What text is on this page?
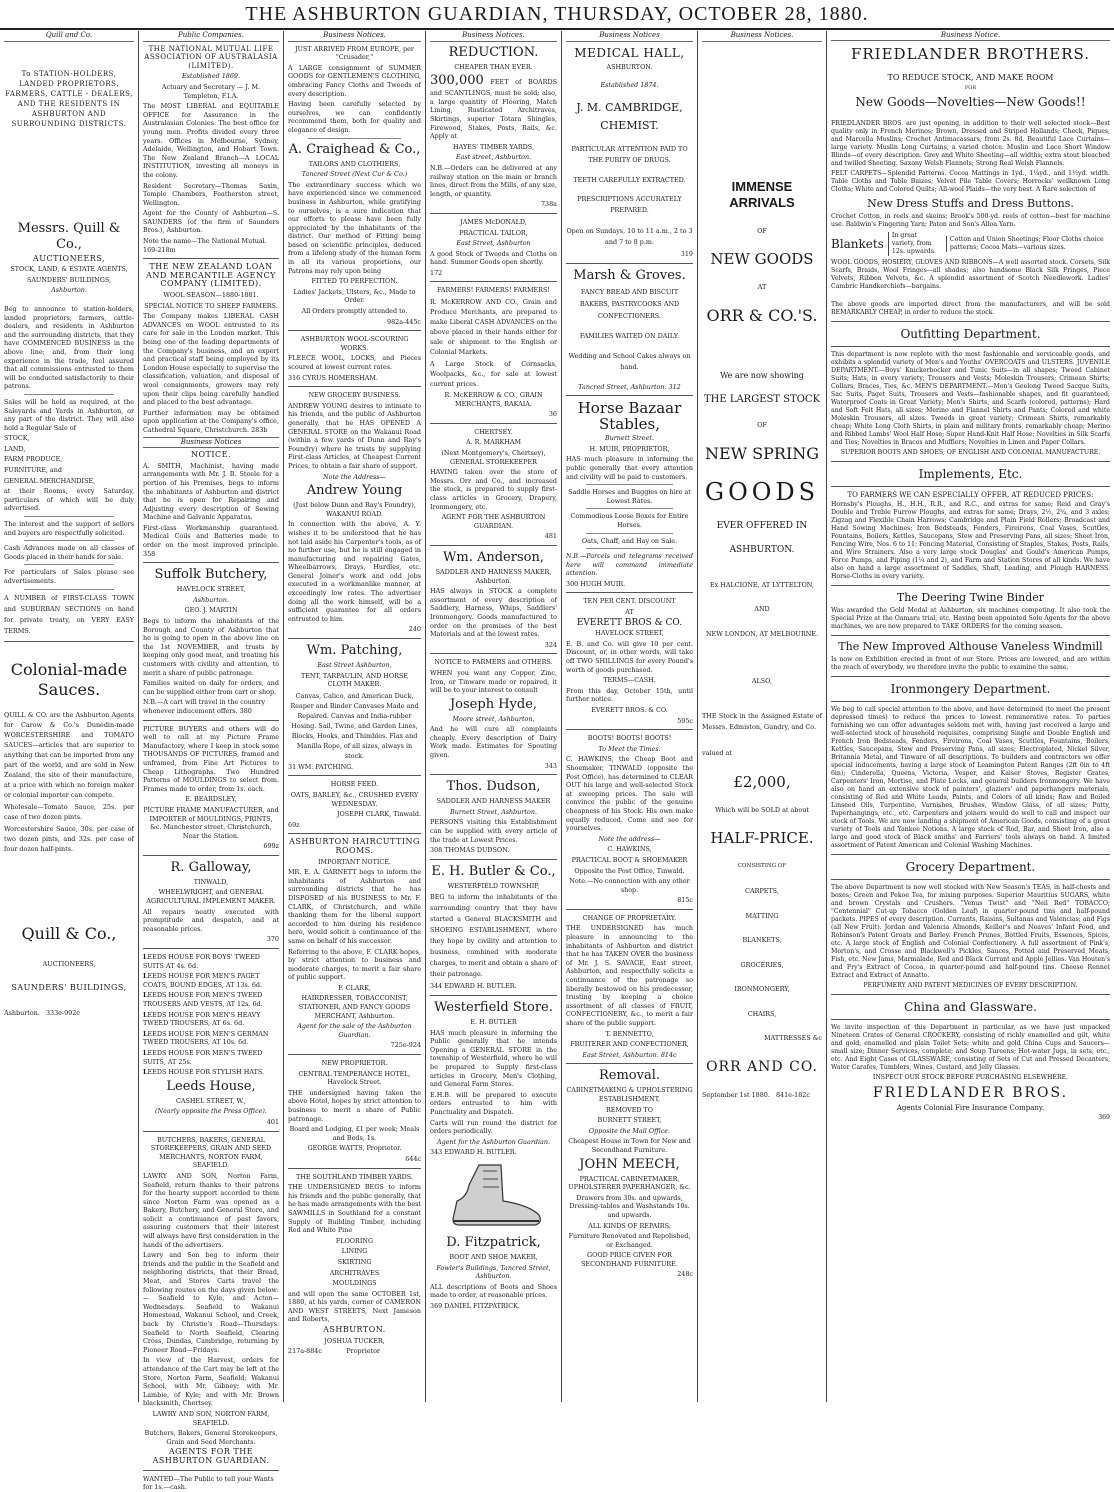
THE ASHBURTON GUARDIAN, THURSDAY, OCTOBER 28, 1880.
Quill and Co.

To STATION-HOLDERS, LANDED PROPRIETORS, FARMERS, CATTLE - DEALERS, AND THE RESIDENTS IN ASHBURTON AND SURROUNDING DISTRICTS.

Messrs. Quill & Co.,

AUCTIONEERS,

STOCK, LAND, & ESTATE AGENTS,

SAUNDERS' BUILDINGS,

Ashburton.

Beg to announce to station-holders, landed proprietors, farmers, cattle-dealers, and residents in Ashburton and the surrounding districts, that they have COMMENCED BUSINESS in the above line; and, from their long experience in the trade, feel assured that all commissions entrusted to them will be conducted satisfactorily to their patrons.

Sales will be held as required, at the Saleyards and Yards in Ashburton, or any part of the district. They will also hold a Regular Sale of

STOCK,

LAND,

FARM PRODUCE,

FURNITURE, and

GENERAL MERCHANDISE,

at their Rooms, every Saturday, particulars of which will be duly advertised.

The interest and the support of sellers and buyers are respectfully solicited.

Cash Advances made on all classes of Goods placed in their hands for sale.

For particulars of Sales please see advertisements.

A NUMBER of FIRST-CLASS TOWN and SUBURBAN SECTIONS on hand for private treaty, on VERY EASY TERMS.

Colonial-made Sauces.

QUILL & CO. are the Ashburton Agents for Carow & Co.'s Dunedin-made WORCESTERSHIRE and TOMATO SAUCES—articles that are superior to anything that can be imported from any part of the world, and are sold in New Zealand, the site of their manufacture, at a price with which no foreign maker or colonial importer can compete.

Wholesale—Tomato Sauce, 25s. per case of two dozen pints.

Worcestershire Sauce, 30s. per case of two dozen pints, and 32s. per case of four dozen half-pints.

Quill & Co.,

AUCTIONEERS,

SAUNDERS' BUILDINGS,

Ashburton. 333e-992c

Public Companies.

THE NATIONAL MUTUAL LIFE ASSOCIATION OF AUSTRALASIA (LIMITED).

Established 1869.

Actuary and Secretary — J. M. Templeton, F.I.A.

The MOST LIBERAL and EQUITABLE OFFICE for Assurance in the Australasian Colonies. The best office for young men. Profits divided every three years. Offices in Melbourne, Sydney, Adelaide, Wellington, and Hobart Town. The New Zealand Branch—A LOCAL INSTITUTION, investing all moneys in the colony.

Resident Secretary—Thomas Saxin, Temple Chambers, Featherston street, Wellington.

Agent for the County of Ashburton—S. SAUNDERS (of the firm of Saunders Bros.), Ashburton.

Note the name—The National Mutual. 169-218m

THE NEW ZEALAND LOAN AND MERCANTILE AGENCY COMPANY (LIMITED).

WOOL SEASON—1880-1881.

SPECIAL NOTICE TO SHEEP FARMERS.

The Company makes LIBERAL CASH ADVANCES on WOOL entrusted to its care for sale in the London market. This being one of the leading departments of the Company's business, and an expert and practical staff being employed by its London House especially to supervise the classification, valuation, and disposal of wool consignments, growers may rely upon their clips being carefully handled and placed to the best advantage.

Further information may be obtained upon application at the Company's office, Cathedral Square, Christchurch. 283b

Business Notices

NOTICE.

A. SMITH, Machinist, having made arrangements with Mr. J. B. Steele for a portion of his Premises, begs to inform the inhabitants of Ashburton and district that he is open for Repairing and Adjusting every description of Sewing Machine and Galvanic Apparatus.

First-class Workmanship guaranteed. Medical Coils and Batteries made to order on the most improved principle. 358

Suffolk Butchery,

HAVELOCK STREET,

Ashburton.

GEO. J. MARTIN

Begs to inform the inhabitants of the Borough and County of Ashburton that he is going to open in the above line on the 1st NOVEMBER, and trusts by keeping only good meat, and treating his customers with civility and attention, to merit a share of public patronage.

Families waited on daily for orders, and can be supplied either from cart or shop.

N.B.—A cart will travel in the country whenever inducement offers. 380

PICTURE BUYERS and others will do well to call at my Picture Frame Manufactory, where I keep in stock some THOUSANDS OF PICTURES, framed and unframed, from Fine Art Pictures to Cheap Lithographs. Two Hundred Patterns of MOULDINGS to select from. Frames made to order, from 1s. each.

E. BEARDSLEY,

PICTURE FRAME MANUFACTURER, and IMPORTER of MOULDINGS, PRINTS, &c. Manchester street, Christchurch, Near the Station.

699z

R. Galloway,

TINWALD,

WHEELWRIGHT, and GENERAL AGRICULTURAL IMPLEMENT MAKER.

All repairs neatly executed with promptitude and despatch, and at reasonable prices.

370

LEEDS HOUSE FOR BOYS' TWEED SUITS AT 4s. 6d.

LEEDS HOUSE FOR MEN'S PAGET COATS, BOUND EDGES, AT 13s. 6d.

LEEDS HOUSE FOR MEN'S TWEED TROUSERS AND VESTS, AT 12s. 6d.

LEEDS HOUSE FOR MEN'S HEAVY TWEED TROUSERS, AT 6s. 6d.

LEEDS HOUSE FOR MEN'S GERMAN TWEED TROUSERS, AT 10s. 6d.

LEEDS HOUSE FOR MEN'S TWEED SUITS, AT 25s.

LEEDS HOUSE FOR STYLISH HATS.

Leeds House,

CASHEL STREET, W.,

(Nearly opposite the Press Office).

401

BUTCHERS, BAKERS, GENERAL STOREKEEPERS, GRAIN AND SEED MERCHANTS, NORTON FARM, SEAFIELD.

LAWRY AND SON, Norton Farm, Seafield, return thanks to their patrons for the hearty support accorded to them since Norton Farm was opened as a Bakery, Butchery, and General Store, and solicit a continuance of past favors, assuring customers that their interest will always have first consideration in the hands of the advertisers.

Lawry and Son beg to inform their friends and the public in the Seafield and neighboring districts, that their Bread, Meat, and Stores Carts travel the following routes on the days given below:— Seafield to Kyle, and Acton—Wednesdays. Seafield to Wakanui Homestead, Wakanui School, and Creek, back by Christie's Road—Thursdays. Seafield to North Seafield, Clearing Cross, Dundas, Cambridge, returning by Pioneer Road—Fridays.

In view of the Harvest, orders for attendance of the Cart may be left at the Store, Norton Farm, Seafield; Wakanui School, with Mr. Gibney; with Mr. Lambie, of Kyle; and with Mr. Brown blacksmith, Chertsey.

LAWRY AND SON, NORTON FARM, SEAFIELD.

Butchers, Bakers, General Storekeepers, Grain and Seed Merchants.

AGENTS FOR THE ASHBURTON GUARDIAN.

WANTED—The Public to tell your Wants for 1s.—cash.

Business Notices.

JUST ARRIVED FROM EUROPE, per "Crusader,"

A LARGE consignment of SUMMER GOODS for GENTLEMEN'S CLOTHING, embracing Fancy Cloths and Tweeds of every description.

Having been carefully selected by ourselves, we can confidently recommend them, both for quality and elegance of design.

A. Craighead & Co.,

TAILORS AND CLOTHIERS,

Tancred Street (Next Cur & Co.)

The extraordinary success which we have experienced since we commenced business in Ashburton, while gratifying to ourselves, is a sure indication that our efforts to please have been fully appreciated by the inhabitants of the district. Our method of Fitting being based on scientific principles, deduced from a lifelong study of the human form in all its various proportions, our Patrons may rely upon being

FITTED TO PERFECTION.

Ladies' Jackets, Ulsters, &c., Made to Order.

All Orders promptly attended to.

982a-445c

ASHBURTON WOOL-SCOURING WORKS.

FLEECE WOOL, LOCKS, and Pieces scoured at lowest current rates.

316 CYRUS HOMERSHAM.

NEW GROCERY BUSINESS.

ANDREW YOUNG desires to intimate to his friends, and the public of Ashburton generally, that he HAS OPENED A GENERAL STORE on the Wakanui Road (within a few yards of Dunn and Ray's Foundry) where he trusts by supplying First-class Articles, at Cheapest Current Prices, to obtain a fair share of support.

Note the Address—

Andrew Young

(Just below Dunn and Ray's Foundry), WAKANUI ROAD.

In connection with the above, A. Y. wishes it to be understood that he has not laid aside his Carpenter's tools, as of no further use, but he is still engaged in manufacturing and repairing Gates, Wheelbarrows, Drays, Hurdles, etc. General Joiner's work and odd jobs executed in a workmanlike manner, at exceedingly low rates. The advertiser doing all the work himself, will be a sufficient guarantee for all orders entrusted to him.

240

Wm. Patching,

East Street Ashburton,

TENT, TARPAULIN, AND HORSE CLOTH MAKER.

Canvas, Calico, and American Duck, Reaper and Binder Canvases Made and Repaired. Canvas and India-rubber Hosing. Sail, Twine, and Garden Lines, Blocks, Hooks, and Thimbles. Flax and Manilla Rope, of all sizes, always in stock.

31 WM. PATCHING.

HORSE FEED.

OATS, BARLEY, &c., CRUSHED EVERY WEDNESDAY.

JOSEPH CLARK, Tinwald.

69z

ASHBURTON HAIRCUTTING ROOMS.

IMPORTANT NOTICE.

MR. E. A. GARNETT begs to inform the inhabitants of Ashburton and surrounding districts that he has DISPOSED of his BUSINESS to Mr. F. CLARK, of Christchurch, and while thanking them for the liberal support accorded to him during his residence here, would solicit a continuance of the same on behalf of his successor.

Referring to the above, F. CLARK hopes, by strict attention to business and moderate charges, to merit a fair share of public support.

F. CLARK,

HAIRDRESSER, TOBACCONIST, STATIONER, AND FANCY GOODS MERCHANT, Ashburton.

Agent for the sale of the Ashburton Guardian.

725e-924

NEW PROPRIETOR.

CENTRAL TEMPERANCE HOTEL, Havelock Street.

THE undersigned having taken the above Hotel, hopes by strict attention to business to merit a share of Public patronage.

Board and Lodging, £1 per week; Meals and Beds, 1s.

GEORGE WATTS, Proprietor.

644c

THE SOUTHLAND TIMBER YARDS.

THE UNDERSIGNED BEGS to inform his friends and the public generally, that he has made arrangements with the best SAWMILLS in Southland for a constant Supply of Building Timber, including Red and White Pine

FLOORING

LINING

SKIRTING

ARCHITRAVES

MOULDINGS

and will open the same OCTOBER 1st, 1880, at his yards, corner of CAMERON AND WEST STREETS, Next Jameson and Roberts,

ASHBURTON.

JOSHUA TUCKER,

217a-884c	Proprietor

Business Notices.

REDUCTION.

CHEAPER THAN EVER.

300,000 FEET of BOARDS and SCANTLINGS, must be sold; also, a large quantity of Flooring, Match Lining, Rusticated Architraves, Skirtings, superior Totara Shingles, Firewood, Stakes, Posts, Rails, &c. Apply at

HAYES' TIMBER YARDS,

East street, Ashburton.

N.B.—Orders can be delivered at any railway station on the main or branch lines, direct from the Mills, of any size, length, or quantity.

738a

JAMES McDONALD,

PRACTICAL TAILOR,

East Street, Ashburton

A good Stock of Tweeds and Cloths on hand. Summer Goods open shortly.

172

FARMERS! FARMERS! FARMERS!

R. McKERROW AND CO., Grain and Produce Merchants, are prepared to make Liberal CASH ADVANCES on the above placed in their hands either for sale or shipment to the English or Colonial Markets.

A Large Stock of Cornsacks, Woolpacks, &c., for sale at lowest current prices.

R. McKERROW & CO., GRAIN MERCHANTS, RAKAIA.

36

CHERTSEY.

A. R. MARKHAM

(Next Montgomery's, Chertsey), GENERAL STOREKEEPER

HAVING taken over the store of Messrs. Orr and Co., and increased the stock, is prepared to supply first-class articles in Grocery, Drapery, Ironmongery, etc.

AGENT FOR THE ASHBURTON GUARDIAN.

481

Wm. Anderson,

SADDLER AND HARNESS MAKER, Ashburton.

HAS always in STOCK a complete assortment of every description of Saddlery, Harness, Whips, Saddlers' Ironmongery. Goods manufactured to order on the premises of the best Materials and at the lowest rates.

324

NOTICE to FARMERS and OTHERS.

WHEN you want any Copper, Zinc, Iron, or Tinware made or repaired, it will be to your interest to consult

Joseph Hyde,

Moore street, Ashburton,

And he will cure all complaints cheaply. Every description of Dairy Work made. Estimates for Spouting given.

343

Thos. Dudson,

SADDLER AND HARNESS MAKER

Burnett Street, Ashburton.

PERSONS visiting this Establishment can be supplied with every article of the trade at Lowest Prices.

308 THOMAS DUDSON.

E. H. Butler & Co.,

WESTERFIELD TOWNSHIP,

BEG to inform the inhabitants of the surrounding country that they have started a General BLACKSMITH and SHOEING ESTABLISHMENT, where they hope by civility and attention to business, combined with moderate charges, to merit and obtain a share of their patronage.

344 EDWARD H. BUTLER.

Westerfield Store.

E. H. BUTLER

HAS much pleasure in informing the Public generally that he intends Opening a GENERAL STORE in the township of Westerfield, where he will be prepared to Supply first-class articles in Grocery, Men's Clothing, and General Farm Stores.

E.H.B. will be prepared to execute orders entrusted to him with Punctuality and Dispatch.

Carts will run round the district for orders periodically.

Agent for the Ashburton Guardian.

343 EDWARD H. BUTLER.

D. Fitzpatrick,

BOOT AND SHOE MAKER,

Fowler's Buildings, Tancred Street, Ashburton.

ALL descriptions of Boots and Shoes made to order, at reasonable prices.

369 DANIEL FITZPATRICK.

Business Notices

MEDICAL HALL,

ASHBURTON.

Established 1874.

J. M. CAMBRIDGE,

CHEMIST.

PARTICULAR ATTENTION PAID TO THE PURITY OF DRUGS.

TEETH CAREFULLY EXTRACTED.

PRESCRIPTIONS ACCURATELY PREPARED.

Open on Sundays, 10 to 11 a.m., 2 to 3 and 7 to 8 p.m.

319

Marsh & Groves.

FANCY BREAD AND BISCUIT BAKERS, PASTRYCOOKS AND CONFECTIONERS.

FAMILIES WAITED ON DAILY.

Wedding and School Cakes always on hand.

Tancred Street, Ashburton. 312

Horse Bazaar Stables,

Burnett Street.

H. MUIR, PROPRIETOR,

HAS much pleasure in informing the public generally that every attention and civility will be paid to customers.

Saddle Horses and Buggies on hire at Lowest Rates.

Commodious Loose Boxes for Entire Horses.

Oats, Chaff, and Hay on Sale.

N.B.—Parcels and telegrams received here will command immediate attention.

300 HUGH MUIR.

TEN PER CENT. DISCOUNT

AT

EVERETT BROS & CO.

HAVELOCK STREET,

E. B. and Co. will give 10 per cent. Discount, or, in other words, will take off TWO SHILLINGS for every Pound's worth of goods purchased.

TERMS—CASH.

From this day, October 15th, until further notice.

EVERETT BROS. & CO.

595c

BOOTS! BOOTS! BOOTS!

To Meet the Times.

C. HAWKINS, the Cheap Boot and Shoemaker, TINWALD (opposite the Post Office), has determined to CLEAR OUT his large and well-selected Stock at sweeping prices. The sale will convince the public of the genuine cheapness of his Stock. His own make equally reduced. Come and see for yourselves.

Note the address—

C. HAWKINS,

PRACTICAL BOOT & SHOEMAKER

Opposite the Post Office, Tinwald.

Note.—No connection with any other shop.

815c

CHANGE OF PROPRIETARY.

THE UNDERSIGNED has much pleasure in announcing to the inhabitants of Ashburton and district that he has TAKEN OVER the business of Mr. J. S. SAVAGE, East street, Ashburton, and respectfully solicits a continuance of the patronage so liberally bestowed on his predecessor, trusting by keeping a choice assortment of all classes of FRUIT, CONFECTIONERY, &c., to merit a fair share of the public support.

T. BENNETTO,

FRUITERER AND CONFECTIONER,

East Street, Ashburton. 814c

Removal.

CABINETMAKING & UPHOLSTERING ESTABLISHMENT,

REMOVED TO

BURNETT STREET,

Opposite the Mail Office.

Cheapest House in Town for New and Secondhand Furniture.

JOHN MEECH,

PRACTICAL CABINETMAKER, UPHOLSTERER PAPERHANGER, &c.

Drawers from 30s. and upwards, Dressing-tables and Washstands 10s. and upwards.

ALL KINDS OF REPAIRS.

Furniture Renovated and Repolished, or Exchanged.

GOOD PRICE GIVEN FOR SECONDHAND FURNITURE.

248c

Business Notices.

IMMENSE ARRIVALS

OF

NEW GOODS

AT

ORR & CO.'S.

We are now showing

THE LARGEST STOCK

OF

NEW SPRING

GOODS

EVER OFFERED IN

ASHBURTON.

Ex HALCIONE, AT LYTTELTON,

AND

NEW LONDON, AT MELBOURNE.

ALSO,

THE Stock in the Assigned Estate of Messrs. Edmiston, Gundry, and Co.

valued at

£2,000,

Which will be SOLD at about

HALF-PRICE.

CONSISTING OF

CARPETS,

MATTING

BLANKETS,

GROCERIES,

IRONMONGERY,

CHAIRS,

MATTRESSES &c

ORR AND CO.

September 1st 1880. 841e-182c

Business Notice.

FRIEDLANDER BROTHERS.

TO REDUCE STOCK, AND MAKE ROOM

FOR

New Goods—Novelties—New Goods!!

FRIEDLANDER BROS. are just opening, in addition to their well selected stock—Best quality only in French Merinos; Brown, Dressed and Striped Hollands; Check, Piques, and Marcella Muslins; Crochet Antimacassars, from 2s. 8d. Beautiful Lace Curtains—large variety. Muslin Long Curtains, a varied choice. Muslin and Lace Short Window Blinds—of every description. Grey and White Sheeting—all widths; extra stout bleached and twilled Sheeting. Saxony Welsh Flannels; Strong Real Welsh Flannels.

FELT CARPETS—Splendid Patterns. Cocoa Mattings in 1yd., 1¼yd., and 1½yd. width. Table Cloths and Table Baizes; Velvet Pile Table Covers; Horrocks' wellknown Long Cloths; White and Colored Quilts; All-wool Plaids—the very best. A Rare selection of

New Dress Stuffs and Dress Buttons.

Crochet Cotton, in reels and skeins; Brook's 500-yd. reels of cotton—best for machine use. Baldwin's Fingering Yarn; Paton and Son's Alloa Yarn.

Blankets
In great variety, from 12s. upwards.
Cotton and Union Sheetings; Floor Cloths choice patterns; Cocoa Mats—various sizes.

WOOL GOODS, HOSIERY, GLOVES AND RIBBONS—A well assorted stock. Corsets, Silk Scarfs, Braids, Wool Fringes—all shades; also handsome Black Silk Fringes, Piece Velvets, Ribbon Velvets, &c. A splendid assortment of Scotch Needlework. Ladies' Cambric Handkerchiefs—bargains.

The above goods are imported direct from the manufacturers, and will be sold REMARKABLY CHEAP, in order to reduce the stock.

Outfitting Department.

This department is now replete with the most fashionable and serviceable goods, and exhibits a splendid variety of Men's and Youths' OVERCOATS and ULSTERS. JUVENILE DEPARTMENT.—Boys' Knickerbocker and Tunic Suits—in all shapes; Tweed Cabinet Suits; Hats, in every variety; Trousers and Vests; Moleskin Trousers; Crimean Shirts; Collars, Braces, Ties, &c. MEN'S DEPARTMENT.—Men's Geelong Tweed Sacque Suits, Sac Suits, Paget Suits, Trousers and Vests—fashionable shapes, and fit guaranteed; Waterproof Coats in Great Variety; Men's Shirts, and Scarfs (colored, patterns); Hard and Soft Felt Hats, all sizes; Merino and Flannel Shirts and Pants; Colored and white Moleskin Trousers, all sizes. Tweeds in great variety; Crimean Shirts, remarkably cheap; White Long Cloth Shirts, in plain and military fronts, remarkably cheap; Merino and Ribbed Lambs' Wool Half Hose; Super Hand-Knit Half Hose; Novelties in Silk Scarfs and Ties; Novelties in Braces and Mufflers; Novelties in Linen and Paper Collars.

SUPERIOR BOOTS AND SHOES, OF ENGLISH AND COLONIAL MANUFACTURE.

Implements, Etc.

TO FARMERS WE CAN ESPECIALLY OFFER, AT REDUCED PRICES:

Hornsby's Ploughs, H., H.H., R.R., and R.C., and extras for same; Reid and Gray's Double and Treble Furrow Ploughs, and extras for same; Drays, 2½, 2¾, and 3 axles; Zigzag and Flexible Chain Harrows; Cambridge and Plain Field Rollers; Broadcast and Hand Sowing Machines; Iron Bedsteads, Fenders, Fireirons, Coal Vases, Scuttles, Fountains, Boilers, Kettles, Saucepans, Stew and Preserving Pans, all sizes; Sheet Iron, Fencing Wire, Nos. 6 to 11; Fencing Material, Consisting of Staples, Stakes, Posts, Rails, and Wire Strainers. Also a very large stock Douglas' and Gould's American Pumps, Force Pumps, and Piping (1¼ and 2), and Farm and Station Stores of all kinds. We have also on hand a large assortment of Saddles, Shaft, Leading, and Plough HARNESS. Horse-Cloths in every variety.

The Deering Twine Binder

Was awarded the Gold Medal at Ashburton, six machines competing. It also took the Special Prize at the Oamaru trial, etc. Having been appointed Sole Agents for the above machines, we are now prepared to TAKE ORDERS for the coming season.

The New Improved Althouse Vaneless Windmill

Is now on Exhibition erected in front of our Store. Prices are lowered, and are within the reach of everybody, we therefore invite the public to examine the same.

Ironmongery Department.

We beg to call special attention to the above, and have determined (to meet the present depressed times) to reduce the prices to lowest remunerative rates. To parties furnishing we can offer advantages seldom met with, having just received a large and well-selected stock of household requisites, comprising Single and Double English and French Iron Bedsteads, Fenders, Fireirons, Coal Vases, Scuttles, Fountains, Boilers, Kettles, Saucepans, Stew and Preserving Pans, all sizes; Electroplated, Nickel Silver, Britannia Metal, and Tinware of all descriptions. To builders and contractors we offer special inducements, having a large stock of Leamington Patent Ranges (2ft 6in to 4ft 6in); Cinderella, Queens, Victoria, Vesper, and Kaiser Stoves, Register Grates, Carpenters' Iron, Mortise, and Plate Locks, and general builders Ironmongery. We have also on hand an extensive stock of painters', glaziers' and paperhangers materials, consisting of Red and White Leads, Paints, and Colors of all kinds; Raw and Boiled Linseed Oils, Turpentine, Varnishes, Brushes, Window Glass, of all sizes; Putty, Paperhangings, etc., etc. Carpenters and joiners would do well to call and inspect our stock of Tools. We are now landing a shipment of American Goods, consisting of a great variety of Tools and Yankee Notions. A large stock of Rod, Bar, and Sheet Iron, also a large and good stock of Black smiths' and Farriers' tools always on hand. A limited assortment of Patent American and Colonial Washing Machines.

Grocery Department.

The above Department is now well stocked with New Season's TEAS, in half-chests and boxes; Green and Pekoe Tea, for mixing purposes. Superior Mauritius SUGARS, white and brown Crystals and Crushers. "Venus Twist" and "Neil Red" TOBACCO; "Centennial" Cut-up Tobacco (Golden Leaf) in quarter-pound tins and half-pound packets. PIPES of every description. Currants, Raisins, Sultanas and Valencias; and Figs (all New Fruit). Jordan and Valencia Almonds, Keiller's and Neaves' Infant Food, and Robinson's Patent Groats and Barley. French Prunes, Bottled Fruits, Essences, Spices, etc. A large stock of English and Colonial Confectionery. A full assortment of Pink's, Morton's, and Crosse and Blackwell's Pickles, Sauces, Potted and Preserved Meats, Fish, etc. New Jams, Marmalade, Red and Black Currant and Apple Jellies. Van Houten's and Fry's Extract of Cocoa, in quarter-pound and half-pound tins. Cheese Rennet Extract and Extract of Annatto.

PERFUMERY AND PATENT MEDICINES OF EVERY DESCRIPTION.

China and Glassware.

We invite inspection of this Department in particular, as we have just unpacked Nineteen Crates of General CROCKERY, consisting of richly enamelled and gilt, white and gold, enamelled and plain Toilet Sets; white and gold China Cups and Saucers—small size; Dinner Services, complete; and Soup Tureens; Hot-water Jugs, in sets, etc., etc. And Eight Cases of GLASSWARE, consisting of Sets of Cut and Pressed Decanters, Water Carafes, Tumblers, Wines, Custard, and Jelly Glasses.

INSPECT OUR STOCK BEFORE PURCHASING ELSEWHERE.

FRIEDLANDER BROS.

Agents Colonial Fire Insurance Company.

369
